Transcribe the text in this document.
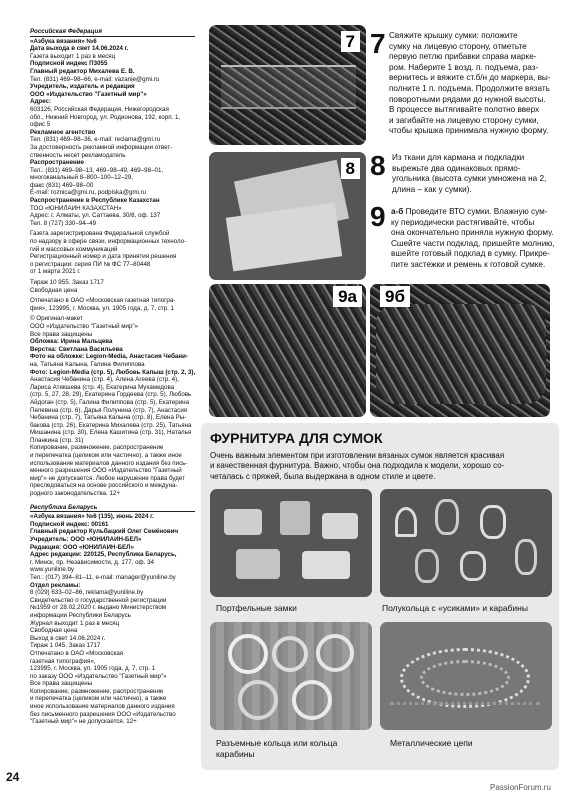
Российская Федерация
«Азбука вязания» №6
Дата выхода в свет 14.06.2024 г.
Газета выходит 1 раз в месяц
Подписной индекс П3055
Главный редактор Михалева Е. В.
Тел. (831) 469–98–66, e-mail: vazanie@gmi.ru
Учредитель, издатель и редакция
ООО «Издательство "Газетный мир"»
Адрес:
603126, Российская Федерация, Нижегородская
обл., Нижний Новгород, ул. Родионова, 192, корп. 1,
офис 5
Рекламное агентство
Тел. (831) 469–98–36, e-mail: reclama@gmi.ru
За достоверность рекламной информации ответ-
ственность несет рекламодатель
Распространение
Тел.: (831) 469–98–13, 469–98–49, 469–98–01,
многоканальный 8–800–100–12–29,
факс (831) 469–98–00
E-mail: roznica@gmi.ru, podpiska@gmi.ru
Распространение в Республике Казахстан
ТОО «ЮНИЛАЙН КАЗАХСТАН»
Адрес: г. Алматы, ул. Саттаева, 30/8, оф. 137
Тел. 8 (727) 330–94–49
Газета зарегистрирована Федеральной службой
по надзору в сфере связи, информационных техноло-
гий и массовых коммуникаций
Регистрационный номер и дата принятия решения
о регистрации: серия ПИ № ФС 77–80448
от 1 марта 2021 г.
Тираж 10 955. Заказ 1717
Свободная цена
Отпечатано в ОАО «Московская газетная типогра-
фия», 123995, г. Москва, ул. 1905 года, д. 7, стр. 1
© Оригинал-макет
ООО «Издательство "Газетный мир"»
Все права защищены
Обложка: Ирина Мальцева
Верстка: Светлана Васильева
Фото на обложке: Legion-Media, Анастасия Чебани-
на, Татьяна Калына, Галина Филиппова
Фото: Legion-Media (стр. 5), Любовь Капыш (стр. 2, 3),
Анастасия Чебанина (стр. 4), Алена Агеева (стр. 4),
Лариса Атякшева (стр. 4), Екатерина Мухамедова
(стр. 5, 27, 28, 29), Екатерина Гордеева (стр. 5), Любовь
Айдоган (стр. 5), Галина Филиппова (стр. 5), Екатерина
Пелевина (стр. 6), Дарья Полунина (стр. 7), Анастасия
Чебанина (стр. 7), Татьяна Калына (стр. 8), Елена Ры-
бакова (стр. 26), Екатерина Михалева (стр. 25), Татьяна
Мишанина (стр. 30), Елена Кашитина (стр. 31), Наталья
Планкина (стр. 31)
Копирование, размножение, распространение
и перепечатка (целиком или частично), а также иное
использование материалов данного издания без пись-
менного разрешения ООО «Издательство "Газетный
мир"» не допускается. Любое нарушение права будет
преследоваться на основе российского и междуна-
родного законодательства. 12+
Республика Беларусь
«Азбука вязания» №6 (135), июнь 2024 г.
Подписной индекс: 00161
Главный редактор Кульбацкий Олег Семёнович
Учредитель: ООО «ЮНИЛАЙН-БЕЛ»
Редакция: ООО «ЮНИЛАЙН-БЕЛ»
Адрес редакции: 220125, Республика Беларусь,
г. Минск, пр. Независимости, д. 177, оф. 34
www.yuniline.by
Тел.: (017) 394–81–11, e-mail: manager@yuniline.by
Отдел рекламы:
8 (029) 633–02–86, reklama@yuniline.by
Свидетельство о государственной регистрации
№1959 от 28.02.2020 г. выдано Министерством
информации Республики Беларусь
Журнал выходит 1 раз в месяц
Свободная цена
Выход в свет 14.06.2024 г.
Тираж 1 045. Заказ 1717
Отпечатано в ОАО «Московская
газетная типография»,
123995, г. Москва, ул. 1905 года, д. 7, стр. 1
по заказу ООО «Издательство "Газетный мир"»
Все права защищены
Копирование, размножение, распространение
и перепечатка (целиком или частично), а также
иное использование материалов данного издания
без письменного разрешения ООО «Издательство
"Газетный мир"» не допускается. 12+
7
8
9а 9б
7 Свяжите крышку сумки: положите
сумку на лицевую сторону, отметьте
первую петлю прибавки справа марке-
ром. Наберите 1 возд. п. подъема, раз-
вернитесь и вяжите ст.б/н до маркера, вы-
полните 1 п. подъема. Продолжите вязать
поворотными рядами до нужной высоты.
В процессе вытягивайте полотно вверх
и загибайте на лицевую сторону сумки,
чтобы крышка принимала нужную форму.
8 Из ткани для кармана и подкладки
вырежьте два одинаковых прямо-
угольника (высота сумки умножена на 2,
длина – как у сумки).
9 а-б Проведите ВТО сумки. Влажную сум-
ку периодически растягивайте, чтобы
она окончательно приняла нужную форму.
Сшейте части подклад, пришейте молнию,
вшейте готовый подклад в сумку. Прикре-
пите застежки и ремень к готовой сумке.
ФУРНИТУРА ДЛЯ СУМОК
Очень важным элементом при изготовлении вязаных сумок является красивая
и качественная фурнитура. Важно, чтобы она подходила к модели, хорошо со-
четалась с пряжей, была выдержана в одном стиле и цвете.
Портфельные замки	Полукольца с «усиками» и карабины
Разъемные кольца или кольца
карабины
Металлические цепи
24
PassionForum.ru
